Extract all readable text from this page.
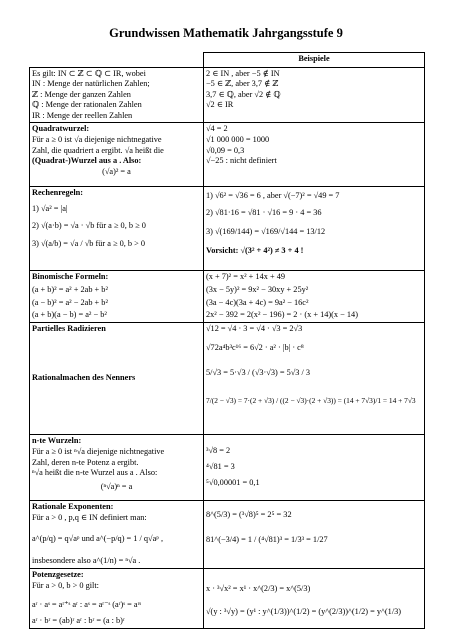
Grundwissen Mathematik Jahrgangsstufe 9
	Beispiele

Es gilt: IN ⊂ ℤ ⊂ ℚ ⊂ IR, wobei
IN : Menge der natürlichen Zahlen;
ℤ : Menge der ganzen Zahlen
ℚ : Menge der rationalen Zahlen
IR : Menge der reellen Zahlen	2 ∈ IN , aber −5 ∉ IN
−5 ∈ ℤ, aber 3,7 ∉ ℤ
3,7 ∈ ℚ, aber √2 ∉ ℚ
√2 ∈ IR

Quadratwurzel:
Für a ≥ 0 ist √a diejenige nichtnegative
Zahl, die quadriert a ergibt. √a heißt die
(Quadrat-)Wurzel aus a . Also:
(√a)² = a	√4 = 2
√1 000 000 = 1000
√0,09 = 0,3
√−25 : nicht definiert

Rechenregeln:
1) √a² = |a|
2) √(a·b) = √a · √b für a ≥ 0, b ≥ 0
3) √(a/b) = √a / √b für a ≥ 0, b > 0	1) √6² = √36 = 6 , aber √(−7)² = √49 = 7
2) √81·16 = √81 · √16 = 9 · 4 = 36
3) √(169/144) = √169/√144 = 13/12
Vorsicht: √(3² + 4²) ≠ 3 + 4 !

Binomische Formeln:
(a + b)² = a² + 2ab + b²
(a − b)² = a² − 2ab + b²
(a + b)(a − b) = a² − b²	(x + 7)² = x² + 14x + 49
(3x − 5y)² = 9x² − 30xy + 25y²
(3a − 4c)(3a + 4c) = 9a² − 16c²
2x² − 392 = 2(x² − 196) = 2 · (x + 14)(x − 14)

Partielles Radizieren
Rationalmachen des Nenners	√12 = √4 · 3 = √4 · √3 = 2√3
√72a⁴b³c¹⁶ = 6√2 · a² · |b| · c⁸
5/√3 = 5·√3 / (√3·√3) = 5√3 / 3
7/(2 − √3) = 7·(2 + √3) / ((2 − √3)·(2 + √3)) = (14 + 7√3)/1 = 14 + 7√3

n-te Wurzeln:
Für a ≥ 0 ist ⁿ√a diejenige nichtnegative
Zahl, deren n-te Potenz a ergibt.
ⁿ√a heißt die n-te Wurzel aus a . Also:
(ⁿ√a)ⁿ = a	³√8 = 2
⁴√81 = 3
⁵√0,00001 = 0,1

Rationale Exponenten:
Für a > 0 , p,q ∈ IN definiert man:
a^(p/q) = q√aᵖ und a^(−p/q) = 1 / q√aᵖ ,
insbesondere also a^(1/n) = ⁿ√a .	8^(5/3) = (³√8)⁵ = 2⁵ = 32
81^(−3/4) = 1 / (⁴√81)³ = 1/3³ = 1/27

Potenzgesetze:
Für a > 0, b > 0 gilt:
aʳ · aˢ = aʳ⁺ˢ aʳ : aˢ = aʳ⁻ˢ (aʳ)ˢ = aʳˢ
aʳ · bʳ = (ab)ʳ aʳ : bʳ = (a : b)ʳ	x · ³√x² = x¹ · x^(2/3) = x^(5/3)
√(y : ³√y) = (y¹ : y^(1/3))^(1/2) = (y^(2/3))^(1/2) = y^(1/3)
